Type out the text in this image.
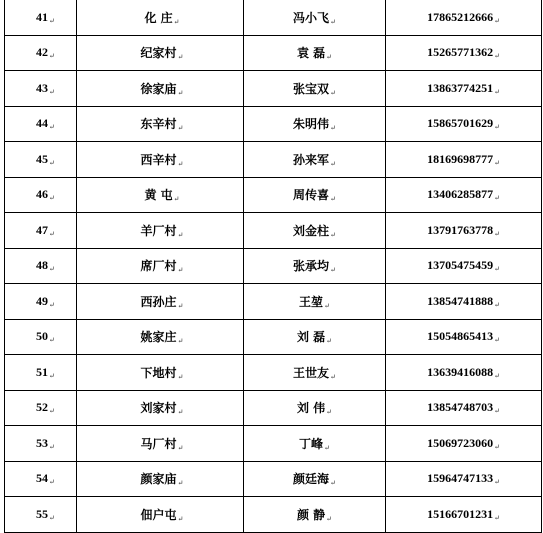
41↵	化 庄↵	冯小飞↵	17865212666↵
42↵	纪家村↵	袁 磊↵	15265771362↵
43↵	徐家庙↵	张宝双↵	13863774251↵
44↵	东辛村↵	朱明伟↵	15865701629↵
45↵	西辛村↵	孙来军↵	18169698777↵
46↵	黄 屯↵	周传喜↵	13406285877↵
47↵	羊厂村↵	刘金柱↵	13791763778↵
48↵	席厂村↵	张承均↵	13705475459↵
49↵	西孙庄↵	王堃↵	13854741888↵
50↵	姚家庄↵	刘 磊↵	15054865413↵
51↵	下地村↵	王世友↵	13639416088↵
52↵	刘家村↵	刘 伟↵	13854748703↵
53↵	马厂村↵	丁峰↵	15069723060↵
54↵	颜家庙↵	颜廷海↵	15964747133↵
55↵	佃户屯↵	颜 静↵	15166701231↵
